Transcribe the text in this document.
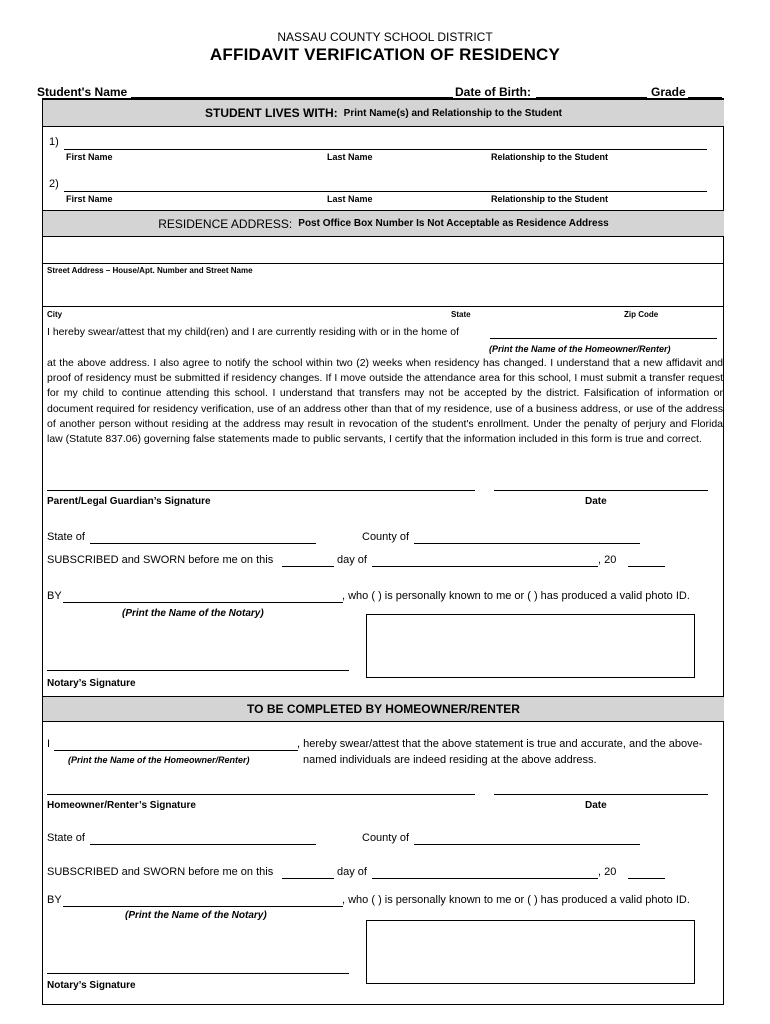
NASSAU COUNTY SCHOOL DISTRICT
AFFIDAVIT VERIFICATION OF RESIDENCY
Student's Name	Date of Birth:	Grade
STUDENT LIVES WITH: Print Name(s) and Relationship to the Student
1)
First Name	Last Name	Relationship to the Student
2)
First Name	Last Name	Relationship to the Student
RESIDENCE ADDRESS: Post Office Box Number Is Not Acceptable as Residence Address
Street Address – House/Apt. Number and Street Name
City	State	Zip Code
I hereby swear/attest that my child(ren) and I are currently residing with or in the home of
(Print the Name of the Homeowner/Renter)
at the above address. I also agree to notify the school within two (2) weeks when residency has changed. I understand that a new affidavit and proof of residency must be submitted if residency changes. If I move outside the attendance area for this school, I must submit a transfer request for my child to continue attending this school. I understand that transfers may not be accepted by the district. Falsification of information or document required for residency verification, use of an address other than that of my residence, use of a business address, or use of the address of another person without residing at the address may result in revocation of the student's enrollment. Under the penalty of perjury and Florida law (Statute 837.06) governing false statements made to public servants, I certify that the information included in this form is true and correct.
Parent/Legal Guardian’s Signature	Date
State of	County of
SUBSCRIBED and SWORN before me on this	day of	, 20
BY	, who ( ) is personally known to me or ( ) has produced a valid photo ID.
(Print the Name of the Notary)
Notary’s Signature
TO BE COMPLETED BY HOMEOWNER/RENTER
I	, hereby swear/attest that the above statement is true and accurate, and the above-
(Print the Name of the Homeowner/Renter)	named individuals are indeed residing at the above address.
Homeowner/Renter’s Signature	Date
State of	County of
SUBSCRIBED and SWORN before me on this	day of	, 20
BY	, who ( ) is personally known to me or ( ) has produced a valid photo ID.
(Print the Name of the Notary)
Notary’s Signature
